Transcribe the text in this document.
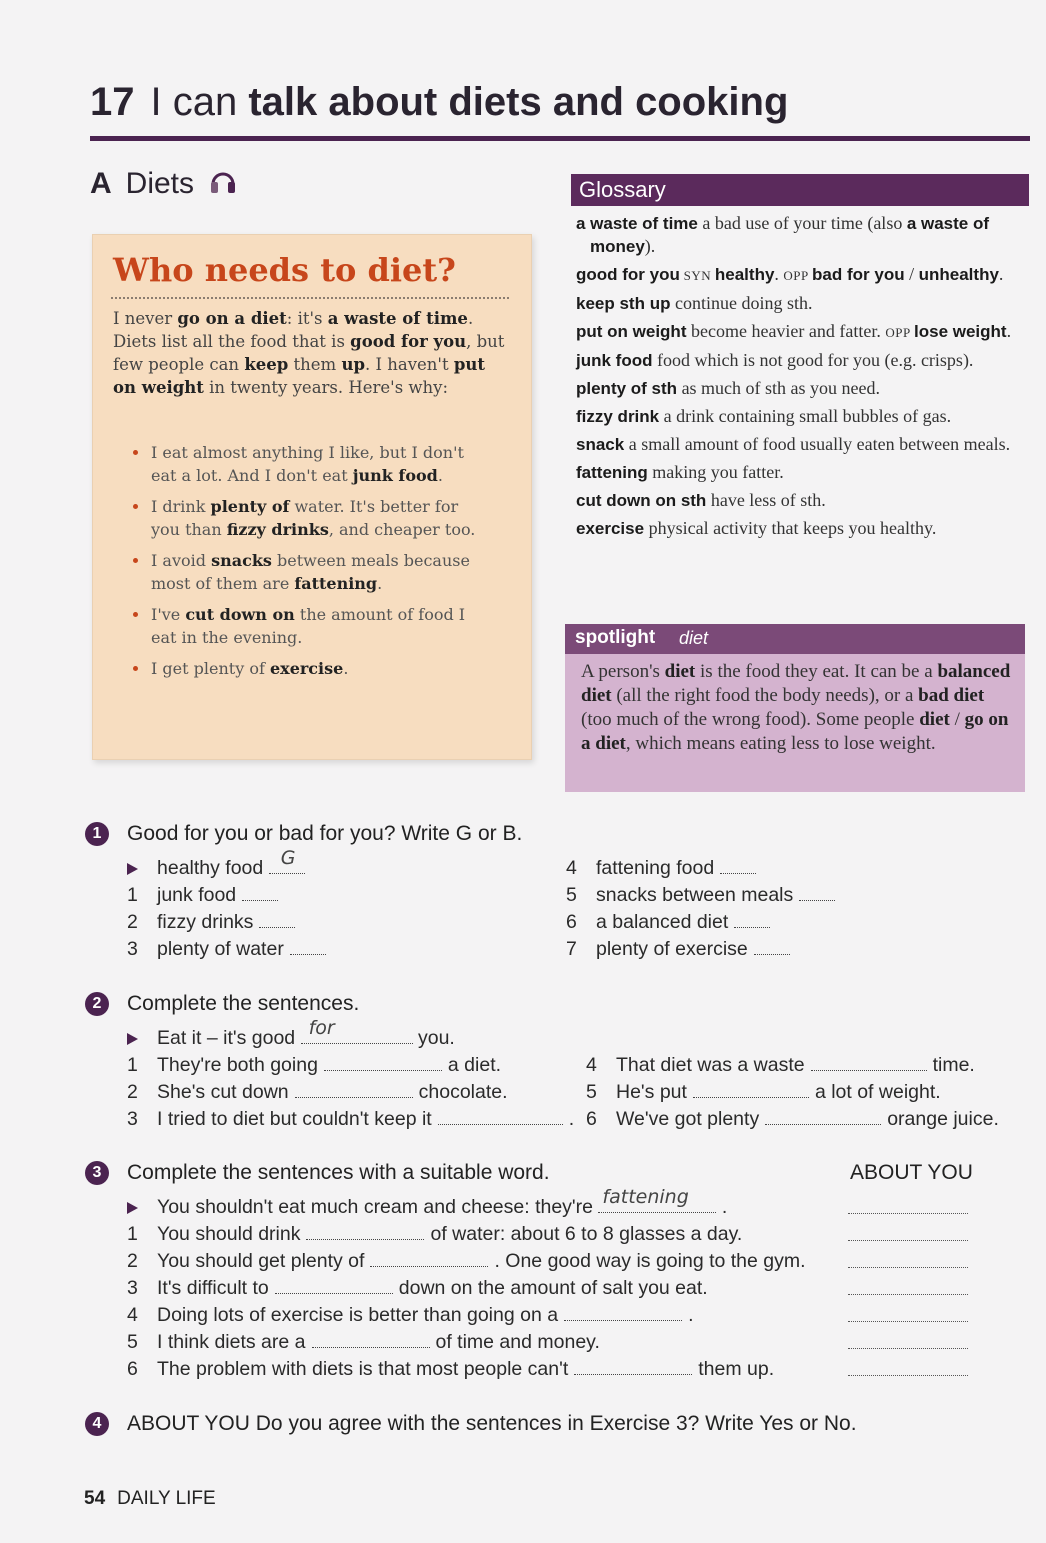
17 I can talk about diets and cooking
A Diets
Who needs to diet?
I never go on a diet: it's a waste of time. Diets list all the food that is good for you, but few people can keep them up. I haven't put on weight in twenty years. Here's why:
I eat almost anything I like, but I don't eat a lot. And I don't eat junk food.
I drink plenty of water. It's better for you than fizzy drinks, and cheaper too.
I avoid snacks between meals because most of them are fattening.
I've cut down on the amount of food I eat in the evening.
I get plenty of exercise.
Glossary
a waste of time a bad use of your time (also a waste of money).
good for you SYN healthy. OPP bad for you / unhealthy.
keep sth up continue doing sth.
put on weight become heavier and fatter. OPP lose weight.
junk food food which is not good for you (e.g. crisps).
plenty of sth as much of sth as you need.
fizzy drink a drink containing small bubbles of gas.
snack a small amount of food usually eaten between meals.
fattening making you fatter.
cut down on sth have less of sth.
exercise physical activity that keeps you healthy.
spotlight diet
A person's diet is the food they eat. It can be a balanced diet (all the right food the body needs), or a bad diet (too much of the wrong food). Some people diet / go on a diet, which means eating less to lose weight.
1	Good for you or bad for you? Write G or B.
healthy food G
1 junk food
2 fizzy drinks
3 plenty of water
4 fattening food
5 snacks between meals
6 a balanced diet
7 plenty of exercise
2	Complete the sentences.
Eat it – it's good for	you.
1 They're both going	a diet.
2 She's cut down	chocolate.
3 I tried to diet but couldn't keep it	.
4 That diet was a waste	time.
5 He's put	a lot of weight.
6 We've got plenty	orange juice.
3	Complete the sentences with a suitable word.	ABOUT YOU
You shouldn't eat much cream and cheese: they're fattening .
1 You should drink	of water: about 6 to 8 glasses a day.
2 You should get plenty of	. One good way is going to the gym.
3 It's difficult to	down on the amount of salt you eat.
4 Doing lots of exercise is better than going on a	.
5 I think diets are a	of time and money.
6 The problem with diets is that most people can't	them up.
4	ABOUT YOU Do you agree with the sentences in Exercise 3? Write Yes or No.
54 DAILY LIFE
